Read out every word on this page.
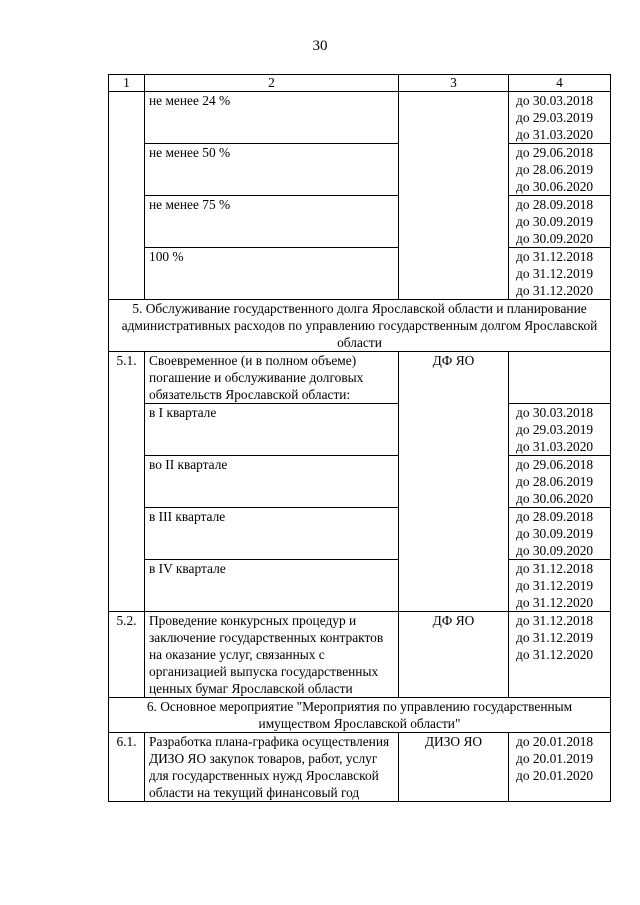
30
1	2	3	4
	не менее 24 %		до 30.03.2018
до 29.03.2019
до 31.03.2020

	не менее 50 %		до 29.06.2018
до 28.06.2019
до 30.06.2020

	не менее 75 %		до 28.09.2018
до 30.09.2019
до 30.09.2020

	100 %		до 31.12.2018
до 31.12.2019
до 31.12.2020

5. Обслуживание государственного долга Ярославской области и планирование административных расходов по управлению государственным долгом Ярославской области			
5.1.	Своевременное (и в полном объеме) погашение и обслуживание долговых обязательств Ярославской области:	ДФ ЯО	
	в I квартале		до 30.03.2018
до 29.03.2019
до 31.03.2020

	во II квартале		до 29.06.2018
до 28.06.2019
до 30.06.2020

	в III квартале		до 28.09.2018
до 30.09.2019
до 30.09.2020

	в IV квартале		до 31.12.2018
до 31.12.2019
до 31.12.2020

5.2.	Проведение конкурсных процедур и заключение государственных контрактов на оказание услуг, связанных с организацией выпуска государственных ценных бумаг Ярославской области	ДФ ЯО	до 31.12.2018
до 31.12.2019
до 31.12.2020

6. Основное мероприятие "Мероприятия по управлению государственным имуществом Ярославской области"			
6.1.	Разработка плана-графика осуществления ДИЗО ЯО закупок товаров, работ, услуг для государственных нужд Ярославской области на текущий финансовый год	ДИЗО ЯО	до 20.01.2018
до 20.01.2019
до 20.01.2020
